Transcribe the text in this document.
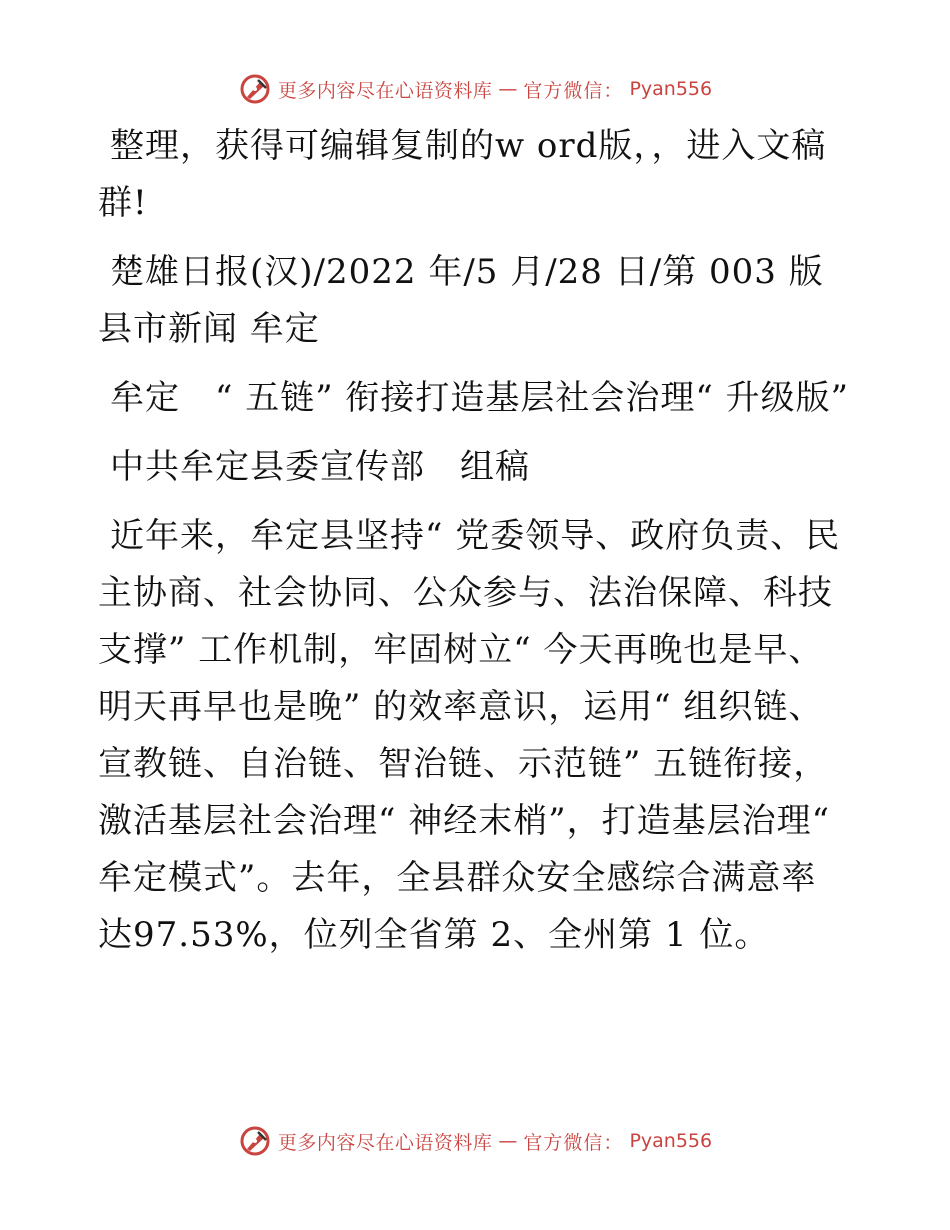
更多内容尽在心语资料库 — 官方微信： Pyan556

整理，获得可编辑复制的w ord版，，进入文稿群!

楚雄日报(汉)/2022 年/5 月/28 日/第 003 版县市新闻 牟定

牟定　“ 五链” 衔接打造基层社会治理“ 升级版”

中共牟定县委宣传部　组稿

近年来，牟定县坚持“ 党委领导、政府负责、民主协商、社会协同、公众参与、法治保障、科技支撑” 工作机制，牢固树立“ 今天再晚也是早、明天再早也是晚” 的效率意识，运用“ 组织链、宣教链、自治链、智治链、示范链” 五链衔接，激活基层社会治理“ 神经末梢”，打造基层治理“ 牟定模式”。去年，全县群众安全感综合满意率达97.53%，位列全省第 2、全州第 1 位。

更多内容尽在心语资料库 — 官方微信： Pyan556
